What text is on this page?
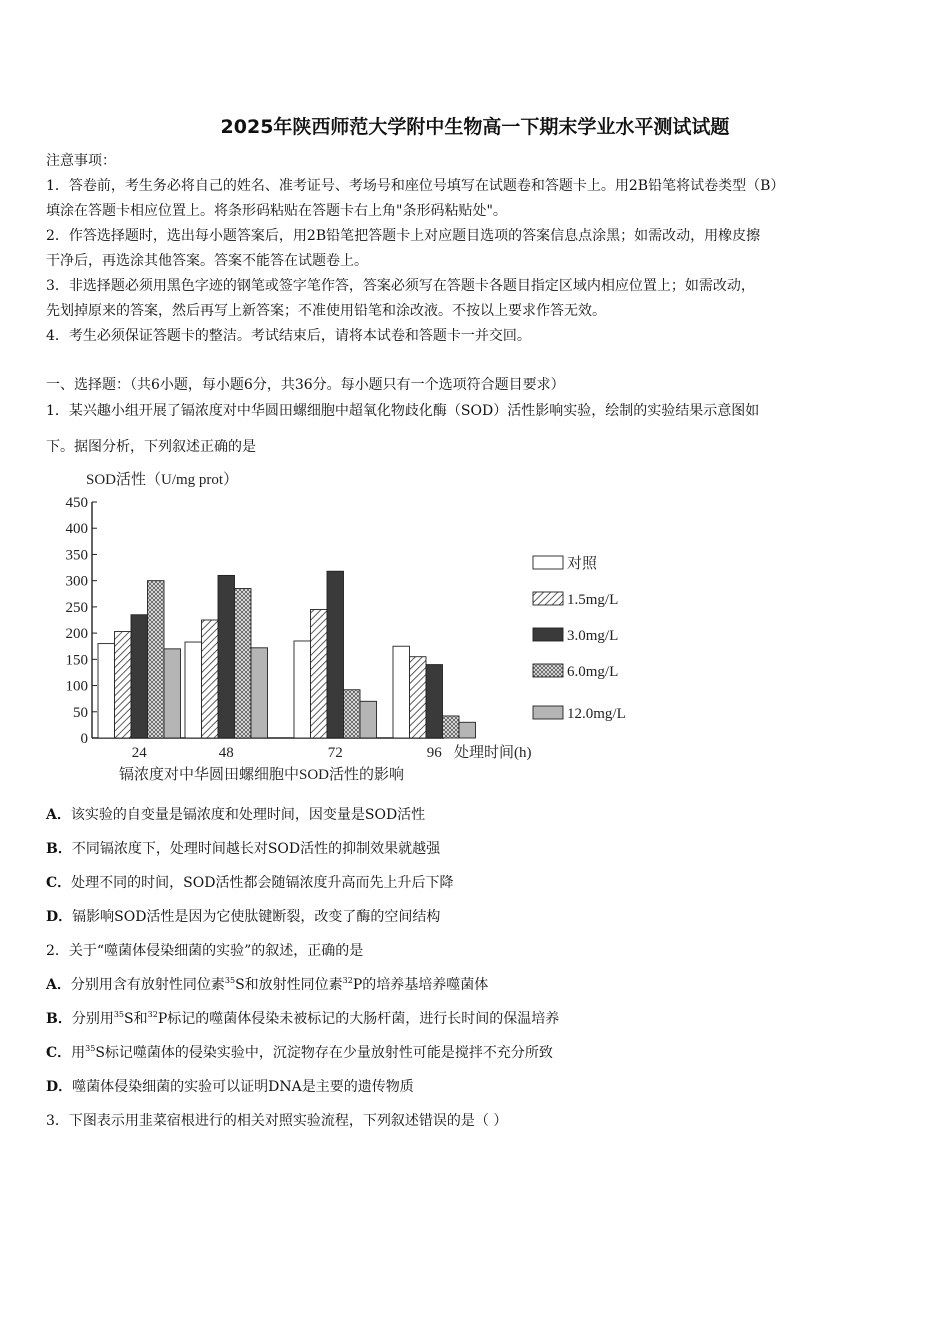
2025年陕西师范大学附中生物高一下期末学业水平测试试题
注意事项：
1．答卷前，考生务必将自己的姓名、准考证号、考场号和座位号填写在试题卷和答题卡上。用2B铅笔将试卷类型（B）
填涂在答题卡相应位置上。将条形码粘贴在答题卡右上角"条形码粘贴处"。
2．作答选择题时，选出每小题答案后，用2B铅笔把答题卡上对应题目选项的答案信息点涂黑；如需改动，用橡皮擦
干净后，再选涂其他答案。答案不能答在试题卷上。
3．非选择题必须用黑色字迹的钢笔或签字笔作答，答案必须写在答题卡各题目指定区域内相应位置上；如需改动，
先划掉原来的答案，然后再写上新答案；不准使用铅笔和涂改液。不按以上要求作答无效。
4．考生必须保证答题卡的整洁。考试结束后，请将本试卷和答题卡一并交回。
一、选择题：（共6小题，每小题6分，共36分。每小题只有一个选项符合题目要求）
1．某兴趣小组开展了镉浓度对中华圆田螺细胞中超氧化物歧化酶（SOD）活性影响实验，绘制的实验结果示意图如
下。据图分析，下列叙述正确的是
0
50
100
150
200
250
300
350
400
450
24	48	72	96
对照
1.5mg/L
3.0mg/L
6.0mg/L
12.0mg/L
SOD活性（U/mg prot）
处理时间(h)
镉浓度对中华圆田螺细胞中SOD活性的影响
A．该实验的自变量是镉浓度和处理时间，因变量是SOD活性
B．不同镉浓度下，处理时间越长对SOD活性的抑制效果就越强
C．处理不同的时间，SOD活性都会随镉浓度升高而先上升后下降
D．镉影响SOD活性是因为它使肽键断裂，改变了酶的空间结构
2．关于“噬菌体侵染细菌的实验”的叙述，正确的是
A．分别用含有放射性同位素$^{35}$S和放射性同位素$^{32}$P的培养基培养噬菌体
B．分别用$^{35}$S和$^{32}$P标记的噬菌体侵染未被标记的大肠杆菌，进行长时间的保温培养
C．用$^{35}$S标记噬菌体的侵染实验中，沉淀物存在少量放射性可能是搅拌不充分所致
D．噬菌体侵染细菌的实验可以证明DNA是主要的遗传物质
3．下图表示用韭菜宿根进行的相关对照实验流程，下列叙述错误的是（ ）
